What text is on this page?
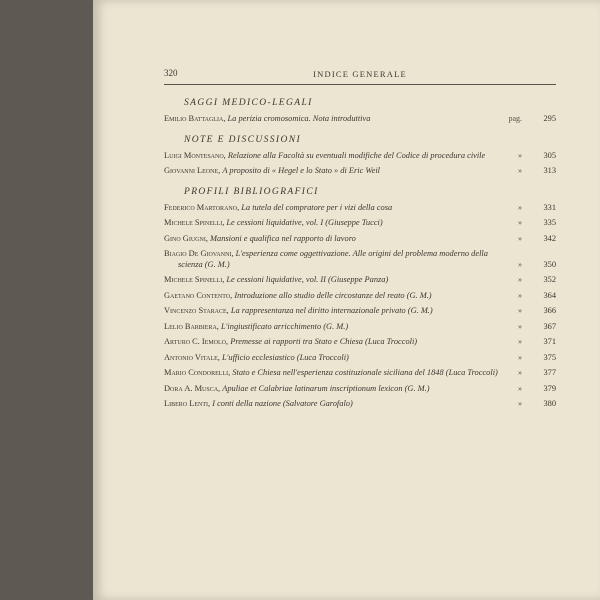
320	INDICE GENERALE
SAGGI MEDICO-LEGALI
Emilio Battaglia, La perizia cromosomica. Nota introduttiva	pag.	295
NOTE E DISCUSSIONI
Luigi Montesano, Relazione alla Facoltà su eventuali modifiche del Codice di procedura civile	»	305
Giovanni Leone, A proposito di « Hegel e lo Stato » di Eric Weil	»	313
PROFILI BIBLIOGRAFICI
Federico Martorano, La tutela del compratore per i vizi della cosa	»	331
Michele Spinelli, Le cessioni liquidative, vol. I (Giuseppe Tucci)	»	335
Gino Giugni, Mansioni e qualifica nel rapporto di lavoro	»	342
Biagio De Giovanni, L'esperienza come oggettivazione. Alle origini del problema moderno della scienza (G. M.)	»	350
Michele Spinelli, Le cessioni liquidative, vol. II (Giuseppe Panza)	»	352
Gaetano Contento, Introduzione allo studio delle circostanze del reato (G. M.)	»	364
Vincenzo Starace, La rappresentanza nel diritto internazionale privato (G. M.)	»	366
Lelio Barbiera, L'ingiustificato arricchimento (G. M.)	»	367
Arturo C. Iemolo, Premesse ai rapporti tra Stato e Chiesa (Luca Troccoli)	»	371
Antonio Vitale, L'ufficio ecclesiastico (Luca Troccoli)	»	375
Mario Condorelli, Stato e Chiesa nell'esperienza costituzionale siciliana del 1848 (Luca Troccoli)	»	377
Dora A. Musca, Apuliae et Calabriae latinarum inscriptionum lexicon (G. M.)	»	379
Libero Lenti, I conti della nazione (Salvatore Garofalo)	»	380
